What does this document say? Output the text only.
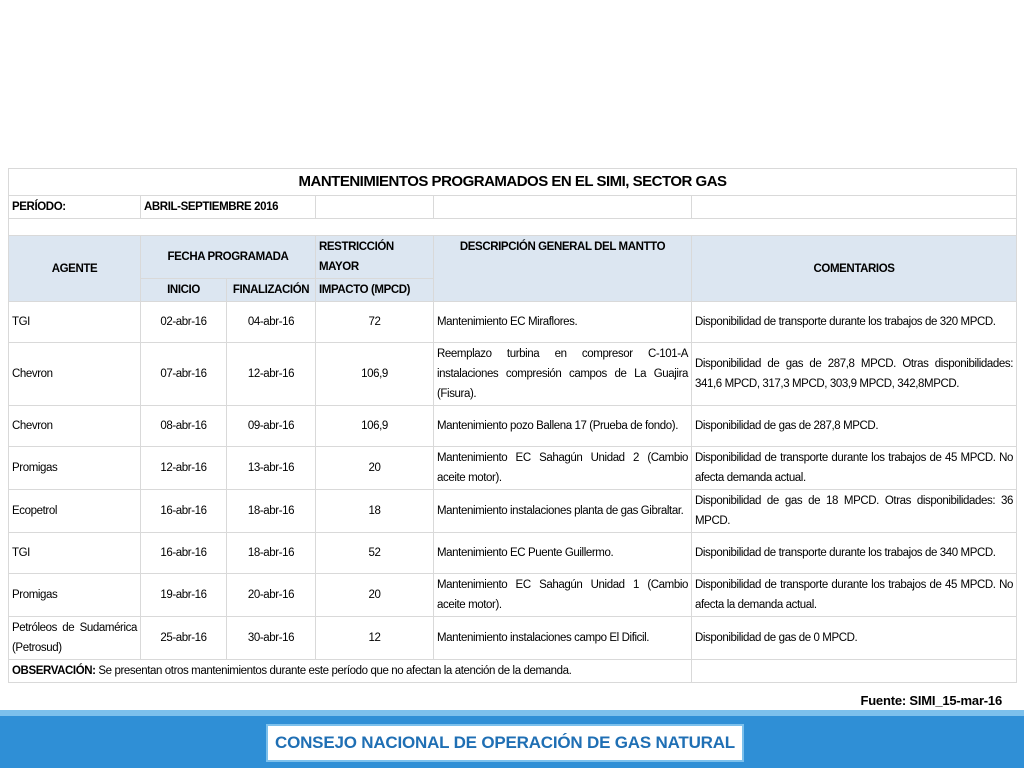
MANTENIMIENTOS PROGRAMADOS EN EL SIMI, SECTOR GAS					
PERÍODO:	ABRIL-SEPTIEMBRE 2016				

AGENTE	FECHA PROGRAMADA		RESTRICCIÓN MAYOR	DESCRIPCIÓN GENERAL DEL MANTTO	COMENTARIOS
	INICIO	FINALIZACIÓN	IMPACTO (MPCD)		
TGI	02-abr-16	04-abr-16	72	Mantenimiento EC Miraflores.	Disponibilidad de transporte durante los trabajos de 320 MPCD.
Chevron	07-abr-16	12-abr-16	106,9	Reemplazo turbina en compresor C-101-A instalaciones compresión campos de La Guajira (Fisura).	Disponibilidad de gas de 287,8 MPCD. Otras disponibilidades: 341,6 MPCD, 317,3 MPCD, 303,9 MPCD, 342,8MPCD.
Chevron	08-abr-16	09-abr-16	106,9	Mantenimiento pozo Ballena 17 (Prueba de fondo).	Disponibilidad de gas de 287,8 MPCD.
Promigas	12-abr-16	13-abr-16	20	Mantenimiento EC Sahagún Unidad 2 (Cambio aceite motor).	Disponibilidad de transporte durante los trabajos de 45 MPCD. No afecta demanda actual.
Ecopetrol	16-abr-16	18-abr-16	18	Mantenimiento instalaciones planta de gas Gibraltar.	Disponibilidad de gas de 18 MPCD. Otras disponibilidades: 36 MPCD.
TGI	16-abr-16	18-abr-16	52	Mantenimiento EC Puente Guillermo.	Disponibilidad de transporte durante los trabajos de 340 MPCD.
Promigas	19-abr-16	20-abr-16	20	Mantenimiento EC Sahagún Unidad 1 (Cambio aceite motor).	Disponibilidad de transporte durante los trabajos de 45 MPCD. No afecta la demanda actual.
Petróleos de Sudamérica (Petrosud)	25-abr-16	30-abr-16	12	Mantenimiento instalaciones campo El Dificil.	Disponibilidad de gas de 0 MPCD.
OBSERVACIÓN: Se presentan otros mantenimientos durante este período que no afectan la atención de la demanda.					
Fuente: SIMI_15-mar-16
CONSEJO NACIONAL DE OPERACIÓN DE GAS NATURAL
